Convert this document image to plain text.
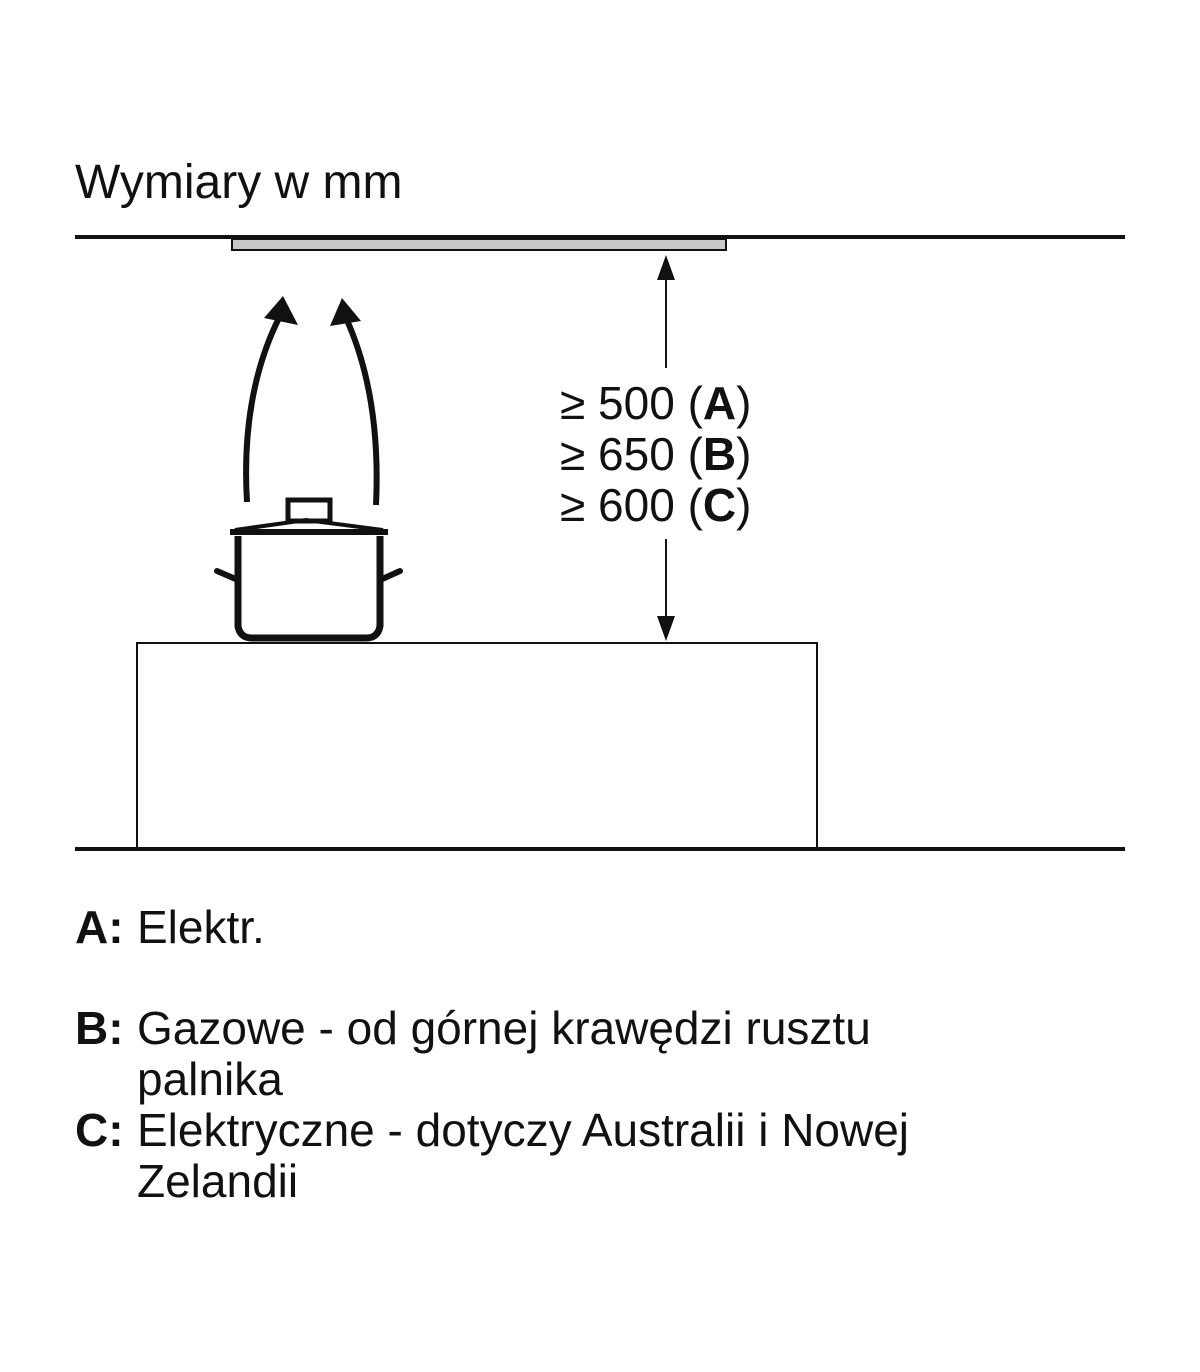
Wymiary w mm
≥ 500 (A)
≥ 650 (B)
≥ 600 (C)
A: Elektr.
B: Gazowe - od górnej krawędzi rusztu palnika
C: Elektryczne - dotyczy Australii i Nowej Zelandii
